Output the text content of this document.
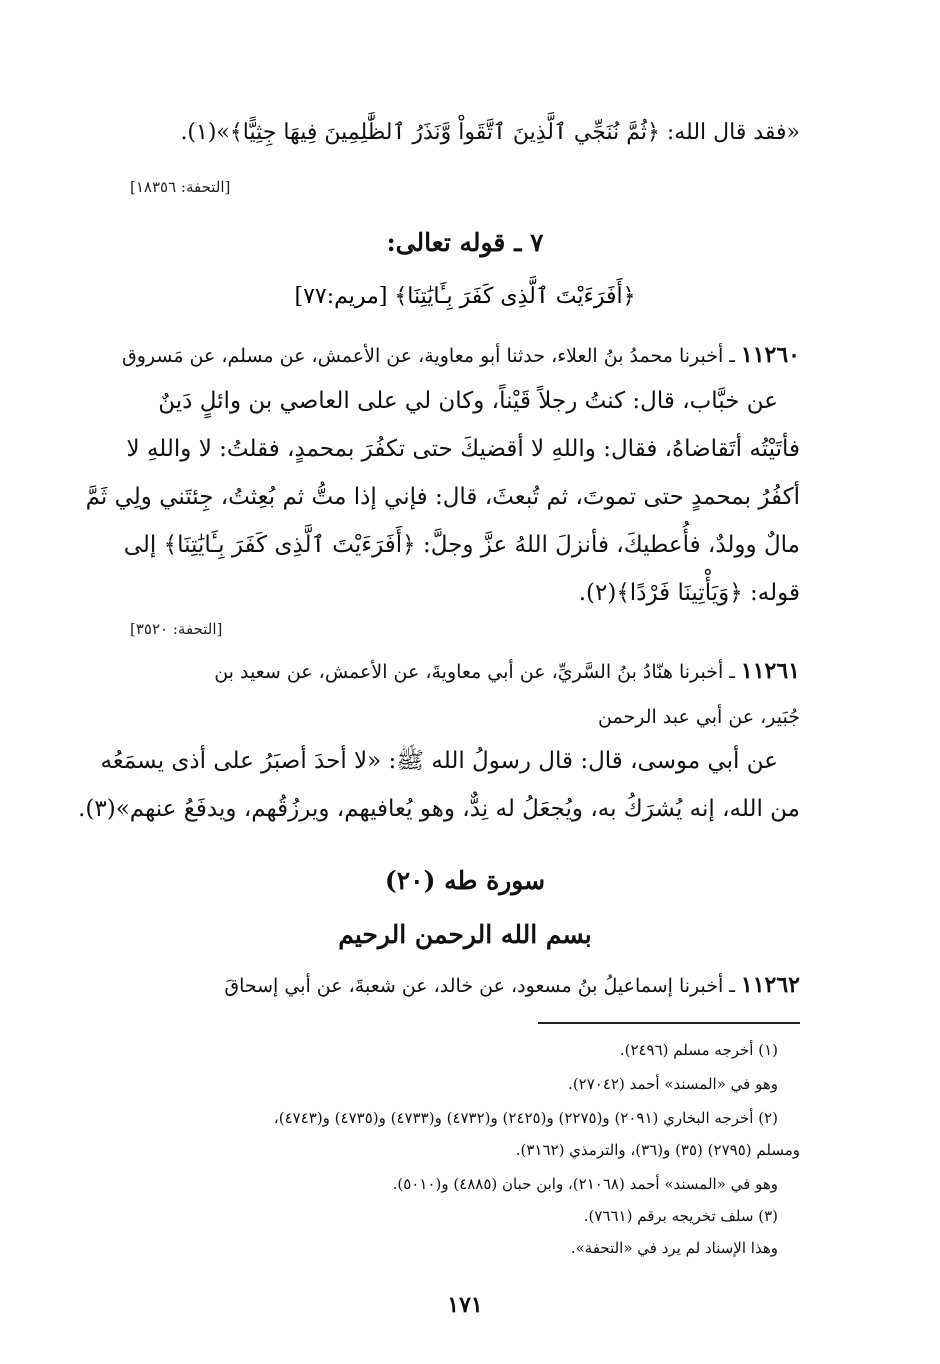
«فقد قال الله: ﴿ثُمَّ نُنَجِّي ٱلَّذِينَ ٱتَّقَواْ وَّنَذَرُ ٱلظَّٰلِمِينَ فِيهَا جِثِيًّا﴾»(١).
[التحفة: ١٨٣٥٦]
٧ ـ قوله تعالى:
﴿أَفَرَءَيْتَ ٱلَّذِى كَفَرَ بِـَٔايَٰتِنَا﴾ [مريم:٧٧]
١١٢٦٠ـ أخبرنا محمدُ بنُ العلاء، حدثنا أبو معاوية، عن الأعمش، عن مسلم، عن مَسروق
عن خبَّاب، قال: كنتُ رجلاً قَيْناً، وكان لي على العاصي بن وائلٍ دَينٌ
فأتَيْتُه أتَقاضاهُ، فقال: واللهِ لا أقضيكَ حتى تكفُرَ بمحمدٍ، فقلتُ: لا واللهِ لا
أكفُرُ بمحمدٍ حتى تموتَ، ثم تُبعثَ، قال: فإني إذا متُّ ثم بُعِثتُ، جِئتَني ولِي ثَمَّ
مالٌ وولدٌ، فأُعطيكَ، فأنزلَ اللهُ عزَّ وجلَّ: ﴿أَفَرَءَيْتَ ٱلَّذِى كَفَرَ بِـَٔايَٰتِنَا﴾ إلى
قوله: ﴿وَيَأْتِينَا فَرْدًا﴾(٢).
[التحفة: ٣٥٢٠]
١١٢٦١ـ أخبرنا هنّادُ بنُ السَّريِّ، عن أبي معاويةَ، عن الأعمش، عن سعيد بن
جُبَير، عن أبي عبد الرحمن
عن أبي موسى، قال: قال رسولُ الله ﷺ: «لا أحدَ أصبَرُ على أذى يسمَعُه
من الله، إنه يُشرَكُ به، ويُجعَلُ له نِدٌّ، وهو يُعافيهم، ويرزُقُهم، ويدفَعُ عنهم»(٣).
سورة طه (٢٠)
بسم الله الرحمن الرحيم
١١٢٦٢ـ أخبرنا إسماعيلُ بنُ مسعود، عن خالد، عن شعبةَ، عن أبي إسحاقَ
(١) أخرجه مسلم (٢٤٩٦).
وهو في «المسند» أحمد (٢٧٠٤٢).
(٢) أخرجه البخاري (٢٠٩١) و(٢٢٧٥) و(٢٤٢٥) و(٤٧٣٢) و(٤٧٣٣) و(٤٧٣٥) و(٤٧٤٣)،
ومسلم (٢٧٩٥) (٣٥) و(٣٦)، والترمذي (٣١٦٢).
وهو في «المسند» أحمد (٢١٠٦٨)، وابن حبان (٤٨٨٥) و(٥٠١٠).
(٣) سلف تخريجه برقم (٧٦٦١).
وهذا الإسناد لم يرد في «التحفة».
١٧١
